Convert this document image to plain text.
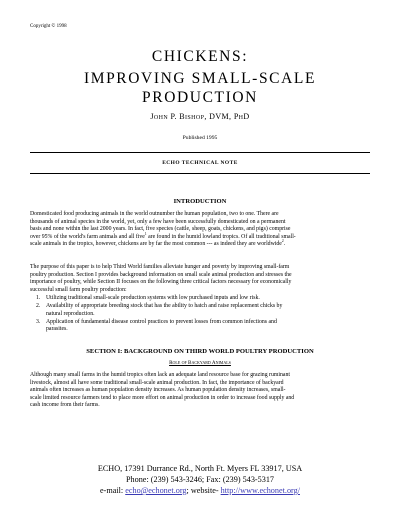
Copyright © 1998
CHICKENS:
IMPROVING SMALL-SCALE
PRODUCTION
John P. Bishop, DVM, PhD
Published 1995
ECHO TECHNICAL NOTE
INTRODUCTION
Domesticated food producing animals in the world outnumber the human population, two to one. There are
thousands of animal species in the world, yet, only a few have been successfully domesticated on a permanent
basis and none within the last 2000 years. In fact, five species (cattle, sheep, goats, chickens, and pigs) comprise
over 95% of the world's farm animals and all five$^1$ are found in the humid lowland tropics. Of all traditional small-
scale animals in the tropics, however, chickens are by far the most common --- as indeed they are worldwide$^2$.
The purpose of this paper is to help Third World families alleviate hunger and poverty by improving small-farm
poultry production. Section I provides background information on small scale animal production and stresses the
importance of poultry, while Section II focuses on the following three critical factors necessary for economically
successful small farm poultry production:
1. Utilizing traditional small-scale production systems with low purchased inputs and low risk.
2. Availability of appropriate breeding stock that has the ability to hatch and raise replacement chicks by
natural reproduction.
3. Application of fundamental disease control practices to prevent losses from common infections and
parasites.
SECTION I: BACKGROUND ON THIRD WORLD POULTRY PRODUCTION
Role of Backyard Animals
Although many small farms in the humid tropics often lack an adequate land resource base for grazing ruminant
livestock, almost all have some traditional small-scale animal production. In fact, the importance of backyard
animals often increases as human population density increases. As human population density increases, small-
scale limited resource farmers tend to place more effort on animal production in order to increase food supply and
cash income from their farms.
ECHO, 17391 Durrance Rd., North Ft. Myers FL 33917, USA
Phone: (239) 543-3246; Fax: (239) 543-5317
e-mail: echo@echonet.org; website- http://www.echonet.org/
